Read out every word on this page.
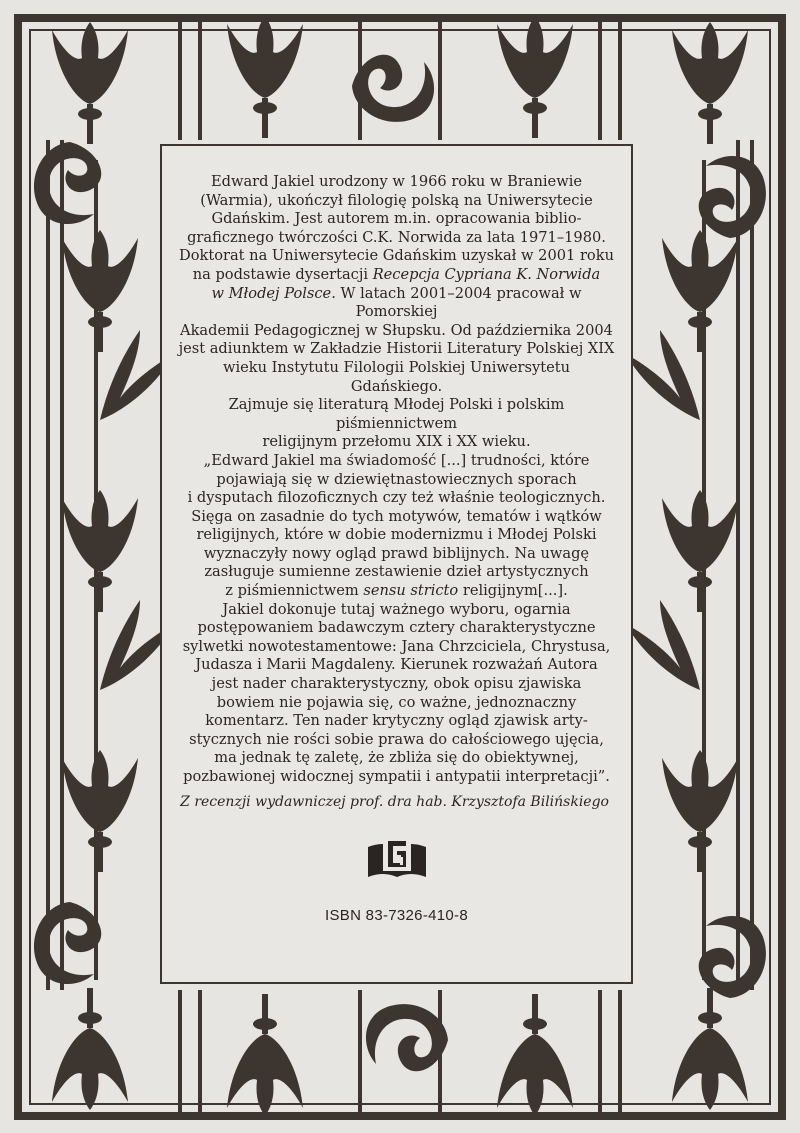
Edward Jakiel urodzony w 1966 roku w Braniewie
(Warmia), ukończył filologię polską na Uniwersytecie
Gdańskim. Jest autorem m.in. opracowania biblio-
graficznego twórczości C.K. Norwida za lata 1971–1980.
Doktorat na Uniwersytecie Gdańskim uzyskał w 2001 roku
na podstawie dysertacji Recepcja Cypriana K. Norwida
w Młodej Polsce. W latach 2001–2004 pracował w Pomorskiej
Akademii Pedagogicznej w Słupsku. Od października 2004
jest adiunktem w Zakładzie Historii Literatury Polskiej XIX
wieku Instytutu Filologii Polskiej Uniwersytetu Gdańskiego.
Zajmuje się literaturą Młodej Polski i polskim piśmiennictwem
religijnym przełomu XIX i XX wieku.

„Edward Jakiel ma świadomość [...] trudności, które
pojawiają się w dziewiętnastowiecznych sporach
i dysputach filozoficznych czy też właśnie teologicznych.
Sięga on zasadnie do tych motywów, tematów i wątków
religijnych, które w dobie modernizmu i Młodej Polski
wyznaczyły nowy ogląd prawd biblijnych. Na uwagę
zasługuje sumienne zestawienie dzieł artystycznych
z piśmiennictwem sensu stricto religijnym[...].
Jakiel dokonuje tutaj ważnego wyboru, ogarnia
postępowaniem badawczym cztery charakterystyczne
sylwetki nowotestamentowe: Jana Chrzciciela, Chrystusa,
Judasza i Marii Magdaleny. Kierunek rozważań Autora
jest nader charakterystyczny, obok opisu zjawiska
bowiem nie pojawia się, co ważne, jednoznaczny
komentarz. Ten nader krytyczny ogląd zjawisk arty-
stycznych nie rości sobie prawa do całościowego ujęcia,
ma jednak tę zaletę, że zbliża się do obiektywnej,
pozbawionej widocznej sympatii i antypatii interpretacji”.

Z recenzji wydawniczej prof. dra hab. Krzysztofa Bilińskiego
ISBN 83-7326-410-8
